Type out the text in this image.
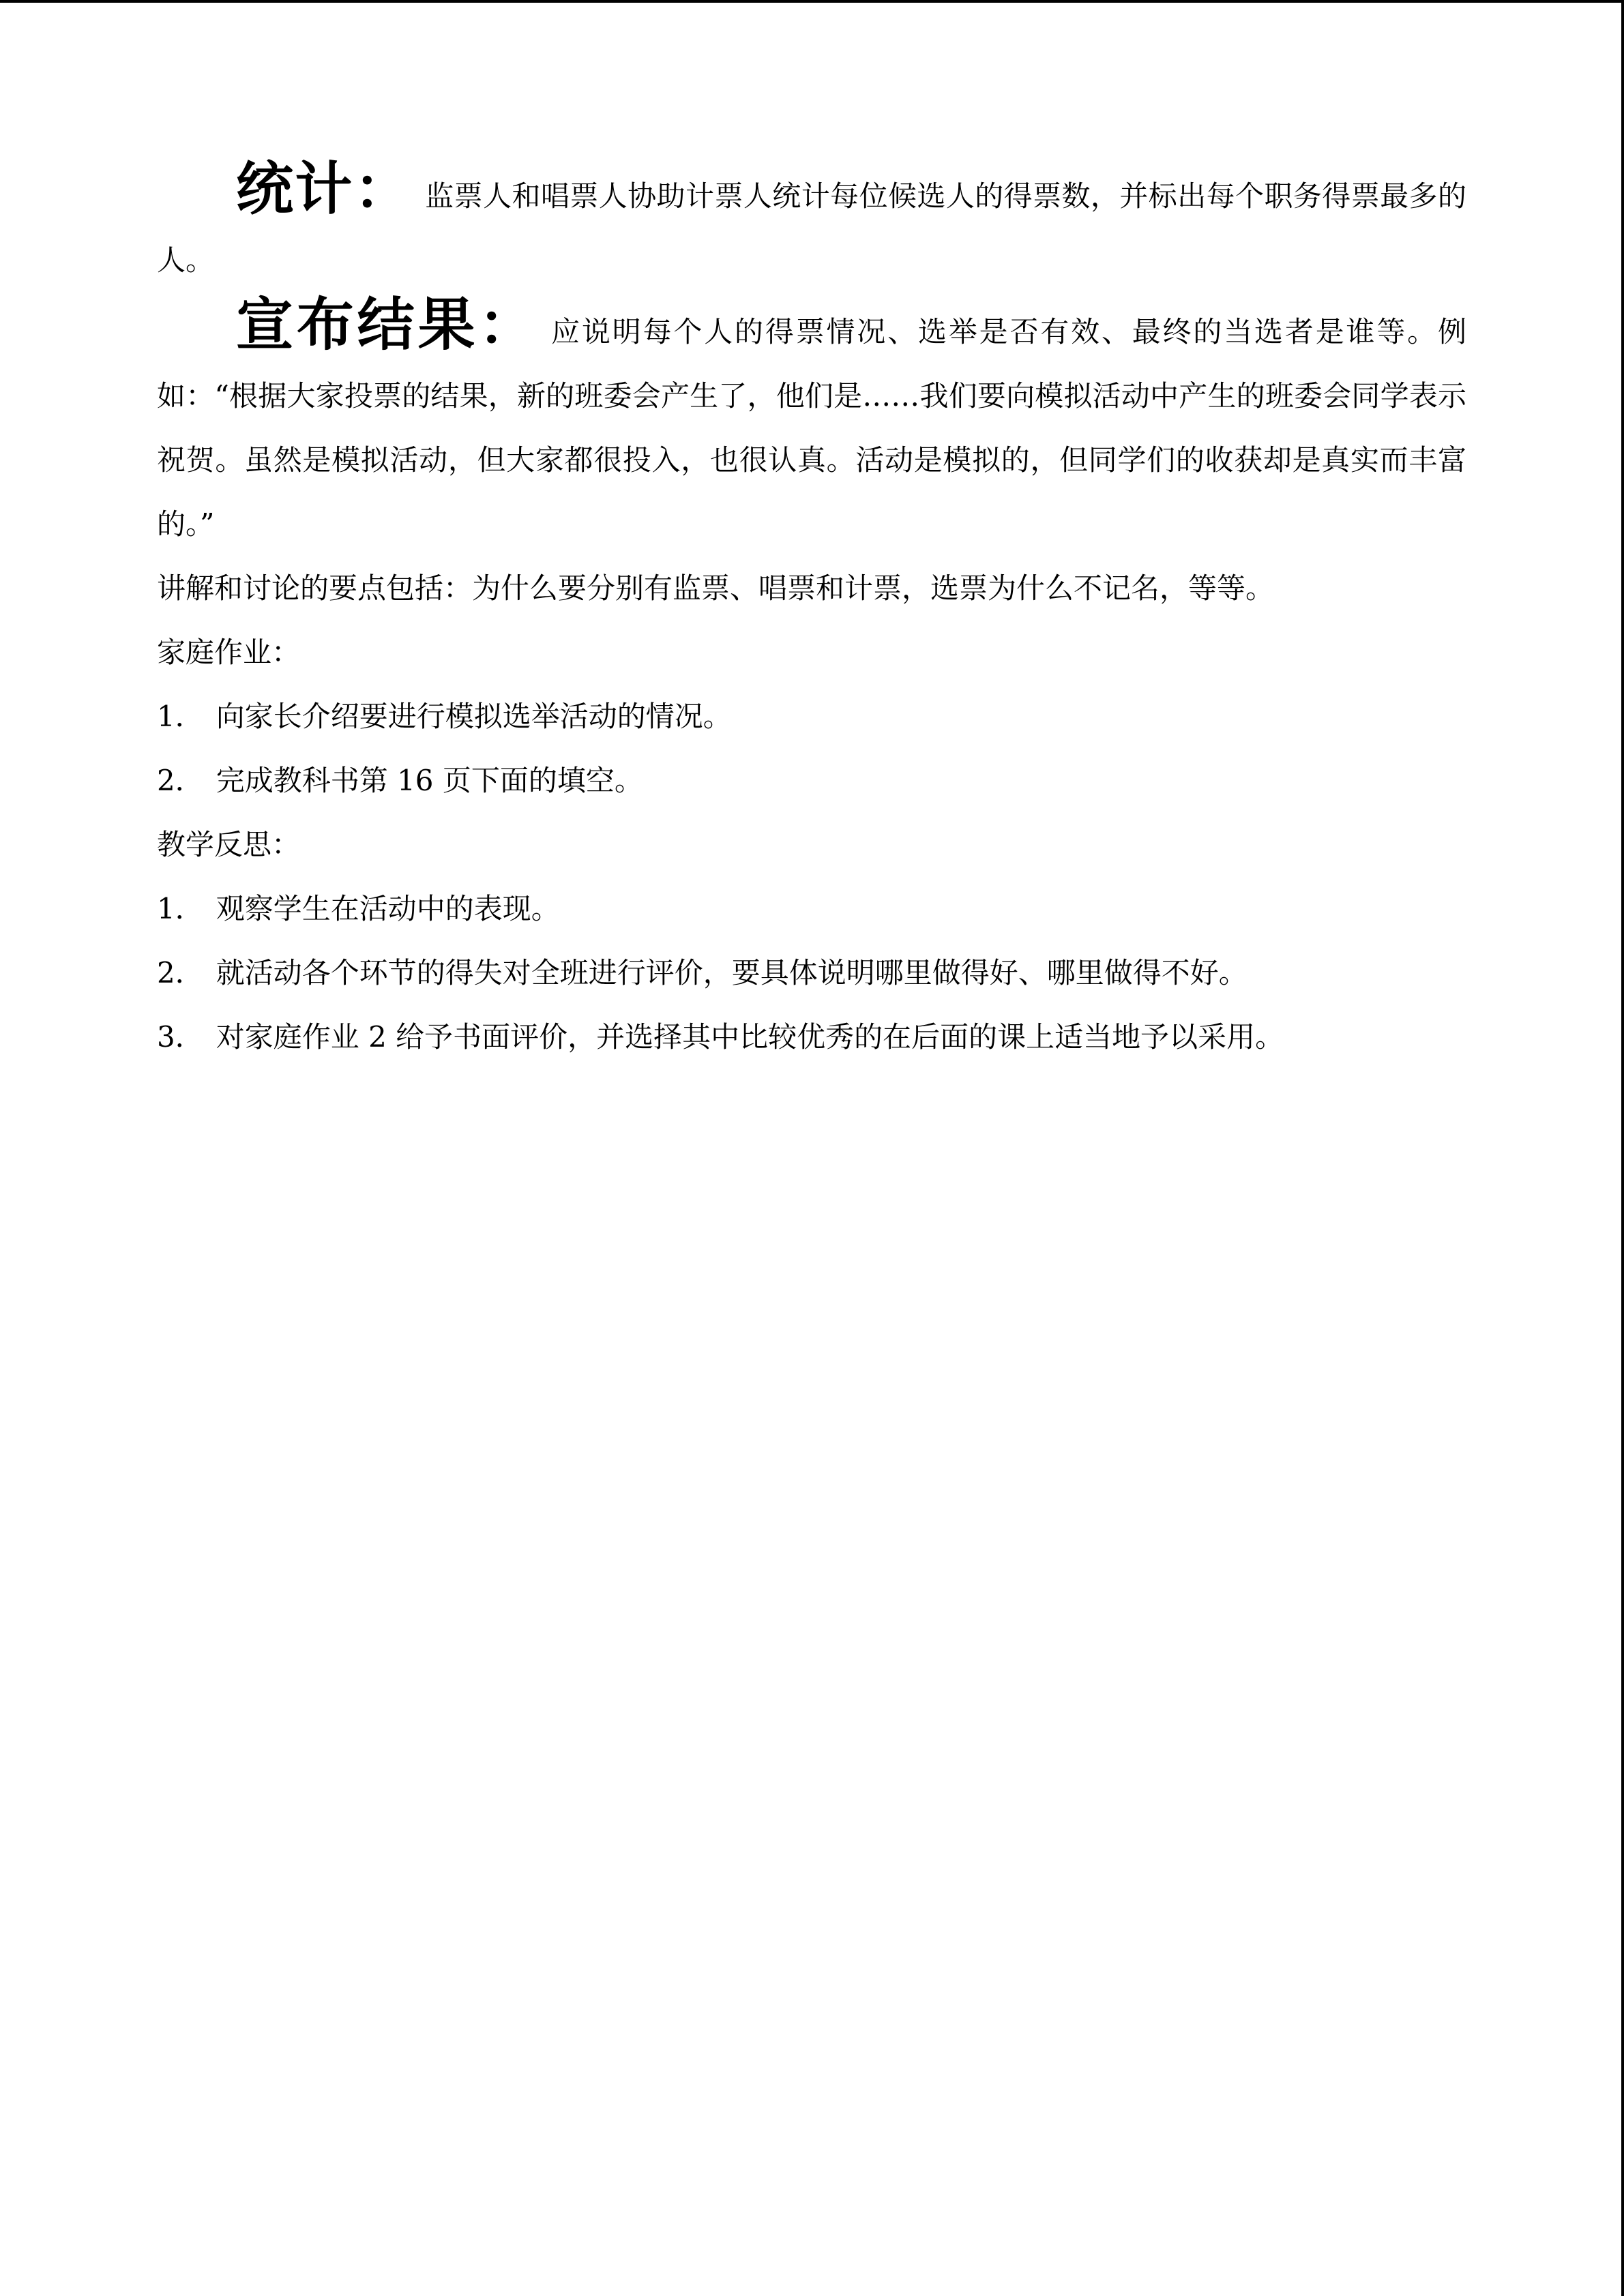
统计： 监票人和唱票人协助计票人统计每位候选人的得票数，并标出每个职务得票最多的人。

宣布结果： 应说明每个人的得票情况、选举是否有效、最终的当选者是谁等。例如：“根据大家投票的结果，新的班委会产生了，他们是……我们要向模拟活动中产生的班委会同学表示祝贺。虽然是模拟活动，但大家都很投入，也很认真。活动是模拟的，但同学们的收获却是真实而丰富的。”

讲解和讨论的要点包括：为什么要分别有监票、唱票和计票，选票为什么不记名，等等。

家庭作业：

1． 向家长介绍要进行模拟选举活动的情况。

2． 完成教科书第 16 页下面的填空。

教学反思：

1． 观察学生在活动中的表现。

2． 就活动各个环节的得失对全班进行评价，要具体说明哪里做得好、哪里做得不好。

3． 对家庭作业 2 给予书面评价，并选择其中比较优秀的在后面的课上适当地予以采用。
